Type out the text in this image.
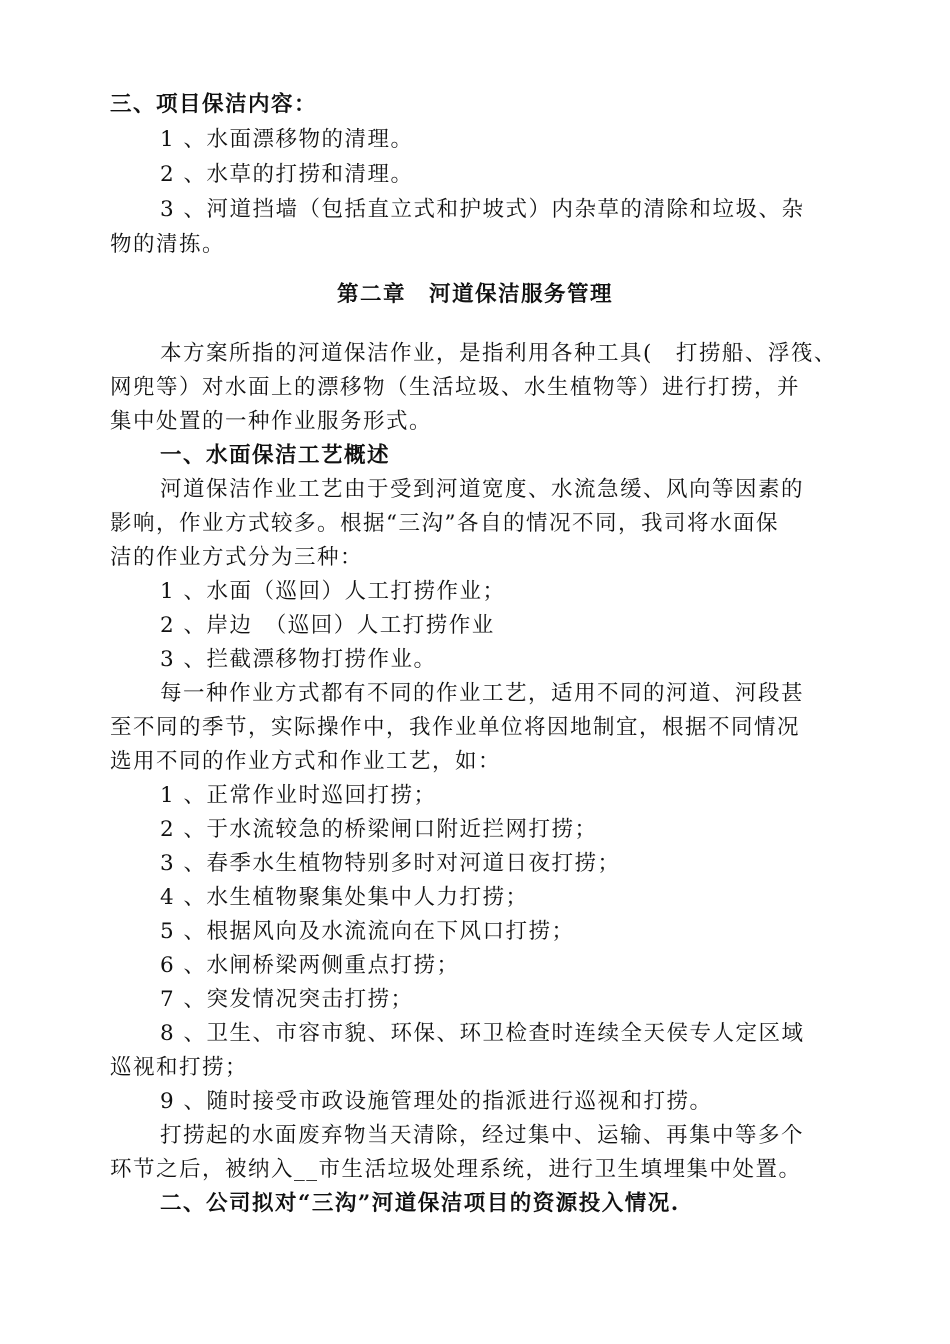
三、项目保洁内容：
1 、水面漂移物的清理。
2 、水草的打捞和清理。
3 、河道挡墙（包括直立式和护坡式）内杂草的清除和垃圾、杂
物的清拣。
第二章　河道保洁服务管理
本方案所指的河道保洁作业，是指利用各种工具(　打捞船、浮筏、
网兜等）对水面上的漂移物（生活垃圾、水生植物等）进行打捞，并
集中处置的一种作业服务形式。
一、水面保洁工艺概述
河道保洁作业工艺由于受到河道宽度、水流急缓、风向等因素的
影响，作业方式较多。根据“三沟”各自的情况不同，我司将水面保
洁的作业方式分为三种：
1 、水面（巡回）人工打捞作业；
2 、岸边　（巡回）人工打捞作业
3 、拦截漂移物打捞作业。
每一种作业方式都有不同的作业工艺，适用不同的河道、河段甚
至不同的季节，实际操作中，我作业单位将因地制宜，根据不同情况
选用不同的作业方式和作业工艺，如：
1 、正常作业时巡回打捞；
2 、于水流较急的桥梁闸口附近拦网打捞；
3 、春季水生植物特别多时对河道日夜打捞；
4 、水生植物聚集处集中人力打捞；
5 、根据风向及水流流向在下风口打捞；
6 、水闸桥梁两侧重点打捞；
7 、突发情况突击打捞；
8 、卫生、市容市貌、环保、环卫检查时连续全天侯专人定区域
巡视和打捞；
9 、随时接受市政设施管理处的指派进行巡视和打捞。
打捞起的水面废弃物当天清除，经过集中、运输、再集中等多个
环节之后，被纳入__市生活垃圾处理系统，进行卫生填埋集中处置。
二、公司拟对“三沟”河道保洁项目的资源投入情况.
